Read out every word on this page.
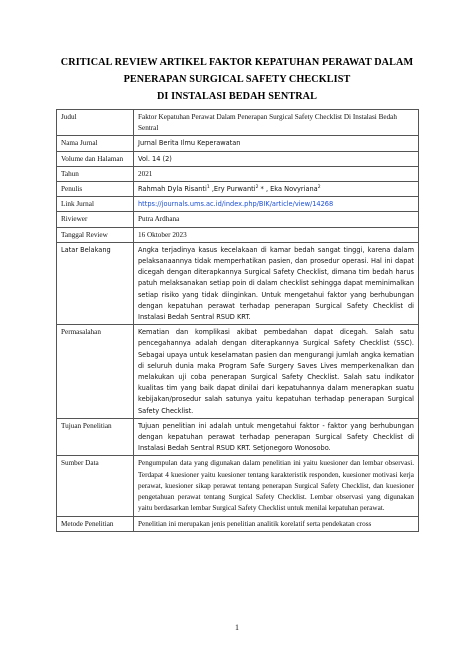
CRITICAL REVIEW ARTIKEL FAKTOR KEPATUHAN PERAWAT DALAM
PENERAPAN SURGICAL SAFETY CHECKLIST
DI INSTALASI BEDAH SENTRAL
Judul	Faktor Kepatuhan Perawat Dalam Penerapan Surgical Safety Checklist Di Instalasi Bedah Sentral
Nama Jurnal	Jurnal Berita Ilmu Keperawatan
Volume dan Halaman	Vol. 14 (2)
Tahun	2021
Penulis	Rahmah Dyla Risanti$^1$ ,Ery Purwanti$^2$ * , Eka Novyriana$^2$
Link Jurnal	https://journals.ums.ac.id/index.php/BIK/article/view/14268
Riviewer	Putra Ardhana
Tanggal Review	16 Oktober 2023
Latar Belakang	Angka terjadinya kasus kecelakaan di kamar bedah sangat tinggi, karena dalam pelaksanaannya tidak memperhatikan pasien, dan prosedur operasi. Hal ini dapat dicegah dengan diterapkannya Surgical Safety Checklist, dimana tim bedah harus patuh melaksanakan setiap poin di dalam checklist sehingga dapat meminimalkan setiap risiko yang tidak diinginkan. Untuk mengetahui faktor yang berhubungan dengan kepatuhan perawat terhadap penerapan Surgical Safety Checklist di Instalasi Bedah Sentral RSUD KRT.
Permasalahan	Kematian dan komplikasi akibat pembedahan dapat dicegah. Salah satu pencegahannya adalah dengan diterapkannya Surgical Safety Checklist (SSC). Sebagai upaya untuk keselamatan pasien dan mengurangi jumlah angka kematian di seluruh dunia maka Program Safe Surgery Saves Lives memperkenalkan dan melakukan uji coba penerapan Surgical Safety Checklist. Salah satu indikator kualitas tim yang baik dapat dinilai dari kepatuhannya dalam menerapkan suatu kebijakan/prosedur salah satunya yaitu kepatuhan terhadap penerapan Surgical Safety Checklist.
Tujuan Penelitian	Tujuan penelitian ini adalah untuk mengetahui faktor - faktor yang berhubungan dengan kepatuhan perawat terhadap penerapan Surgical Safety Checklist di Instalasi Bedah Sentral RSUD KRT. Setjonegoro Wonosobo.
Sumber Data	Pengumpulan data yang digunakan dalam penelitian ini yaitu kuesioner dan lembar observasi. Terdapat 4 kuesioner yaitu kuesioner tentang karakteristik responden, kuesioner motivasi kerja perawat, kuesioner sikap perawat tentang penerapan Surgical Safety Checklist, dan kuesioner pengetahuan perawat tentang Surgical Safety Checklist. Lembar observasi yang digunakan yaitu berdasarkan lembar Surgical Safety Checklist untuk menilai kepatuhan perawat.
Metode Penelitian	Penelitian ini merupakan jenis penelitian analitik korelatif serta pendekatan cross
1
